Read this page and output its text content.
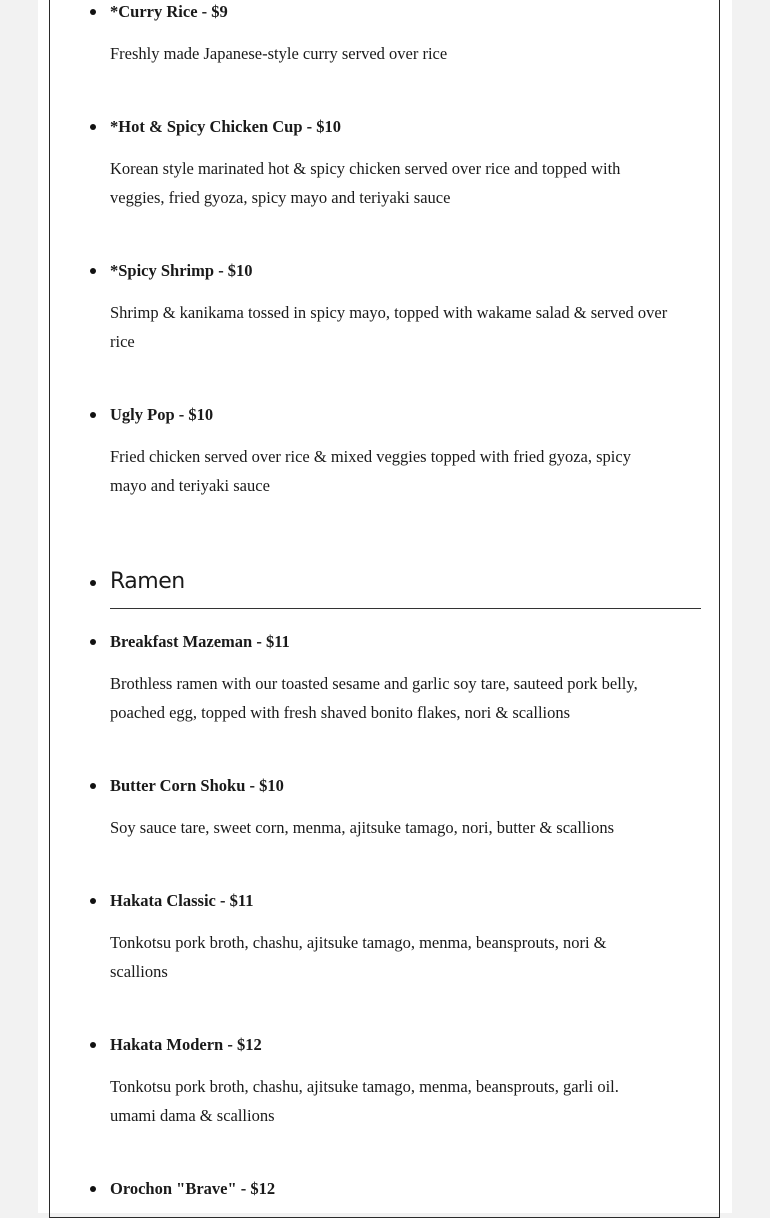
*Curry Rice - $9

Freshly made Japanese-style curry served over rice

*Hot & Spicy Chicken Cup - $10

Korean style marinated hot & spicy chicken served over rice and topped with
veggies, fried gyoza, spicy mayo and teriyaki sauce

*Spicy Shrimp - $10

Shrimp & kanikama tossed in spicy mayo, topped with wakame salad & served over
rice

Ugly Pop - $10

Fried chicken served over rice & mixed veggies topped with fried gyoza, spicy
mayo and teriyaki sauce

Ramen

Breakfast Mazeman - $11

Brothless ramen with our toasted sesame and garlic soy tare, sauteed pork belly,
poached egg, topped with fresh shaved bonito flakes, nori & scallions

Butter Corn Shoku - $10

Soy sauce tare, sweet corn, menma, ajitsuke tamago, nori, butter & scallions

Hakata Classic - $11

Tonkotsu pork broth, chashu, ajitsuke tamago, menma, beansprouts, nori &
scallions

Hakata Modern - $12

Tonkotsu pork broth, chashu, ajitsuke tamago, menma, beansprouts, garli oil.
umami dama & scallions

Orochon "Brave" - $12
